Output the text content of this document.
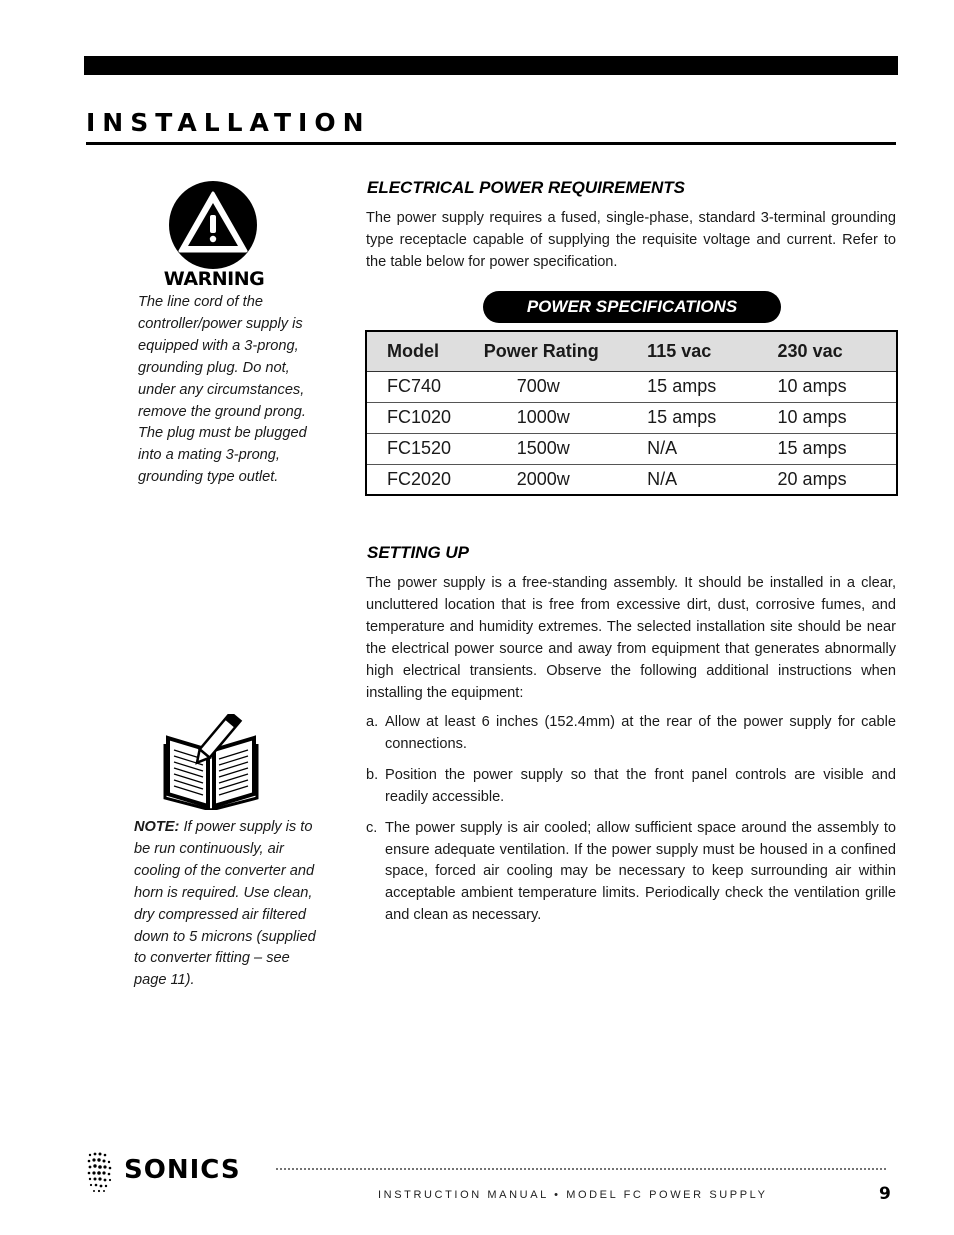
INSTALLATION
WARNING
The line cord of the controller/power supply is equipped with a 3-prong, grounding plug. Do not, under any circumstances, remove the ground prong. The plug must be plugged into a mating 3-prong, grounding type outlet.
ELECTRICAL POWER REQUIREMENTS
The power supply requires a fused, single-phase, standard 3-terminal grounding type receptacle capable of supplying the requisite voltage and current. Refer to the table below for power specification.
POWER SPECIFICATIONS
Model	Power Rating	115 vac	230 vac
FC740	700w	15 amps	10 amps
FC1020	1000w	15 amps	10 amps
FC1520	1500w	N/A	15 amps
FC2020	2000w	N/A	20 amps
SETTING UP
The power supply is a free-standing assembly. It should be installed in a clear, uncluttered location that is free from excessive dirt, dust, corrosive fumes, and temperature and humidity extremes. The selected installation site should be near the electrical power source and away from equipment that generates abnormally high electrical transients. Observe the following additional instructions when installing the equipment:
a. Allow at least 6 inches (152.4mm) at the rear of the power supply for cable connections.
b. Position the power supply so that the front panel controls are visible and readily accessible.
c. The power supply is air cooled; allow sufficient space around the assembly to ensure adequate ventilation. If the power supply must be housed in a confined space, forced air cooling may be necessary to keep surrounding air within acceptable ambient temperature limits. Periodically check the ventilation grille and clean as necessary.
NOTE: If power supply is to be run continuously, air cooling of the converter and horn is required. Use clean, dry compressed air filtered down to 5 microns (supplied to converter fitting – see page 11).
SONICS
INSTRUCTION MANUAL • MODEL FC POWER SUPPLY	9
